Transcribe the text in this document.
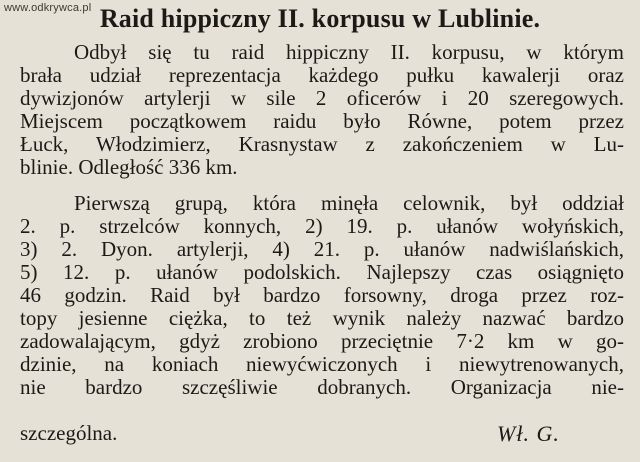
www.odkrywca.pl Raid hippiczny II. korpusu w Lublinie.
Odbył się tu raid hippiczny II. korpusu, w którym
brała udział reprezentacja każdego pułku kawalerji oraz
dywizjonów artylerji w sile 2 oficerów i 20 szeregowych.
Miejscem początkowem raidu było Równe, potem przez
Łuck, Włodzimierz, Krasnystaw z zakończeniem w Lu-
blinie. Odległość 336 km.
Pierwszą grupą, która minęła celownik, był oddział
2. p. strzelców konnych, 2) 19. p. ułanów wołyńskich,
3) 2. Dyon. artylerji, 4) 21. p. ułanów nadwiślańskich,
5) 12. p. ułanów podolskich. Najlepszy czas osiągnięto
46 godzin. Raid był bardzo forsowny, droga przez roz-
topy jesienne ciężka, to też wynik należy nazwać bardzo
zadowalającym, gdyż zrobiono przeciętnie 7·2 km w go-
dzinie, na koniach niewyćwiczonych i niewytrenowanych,
nie bardzo szczęśliwie dobranych. Organizacja nie-
szczególna.	Wł. G.
